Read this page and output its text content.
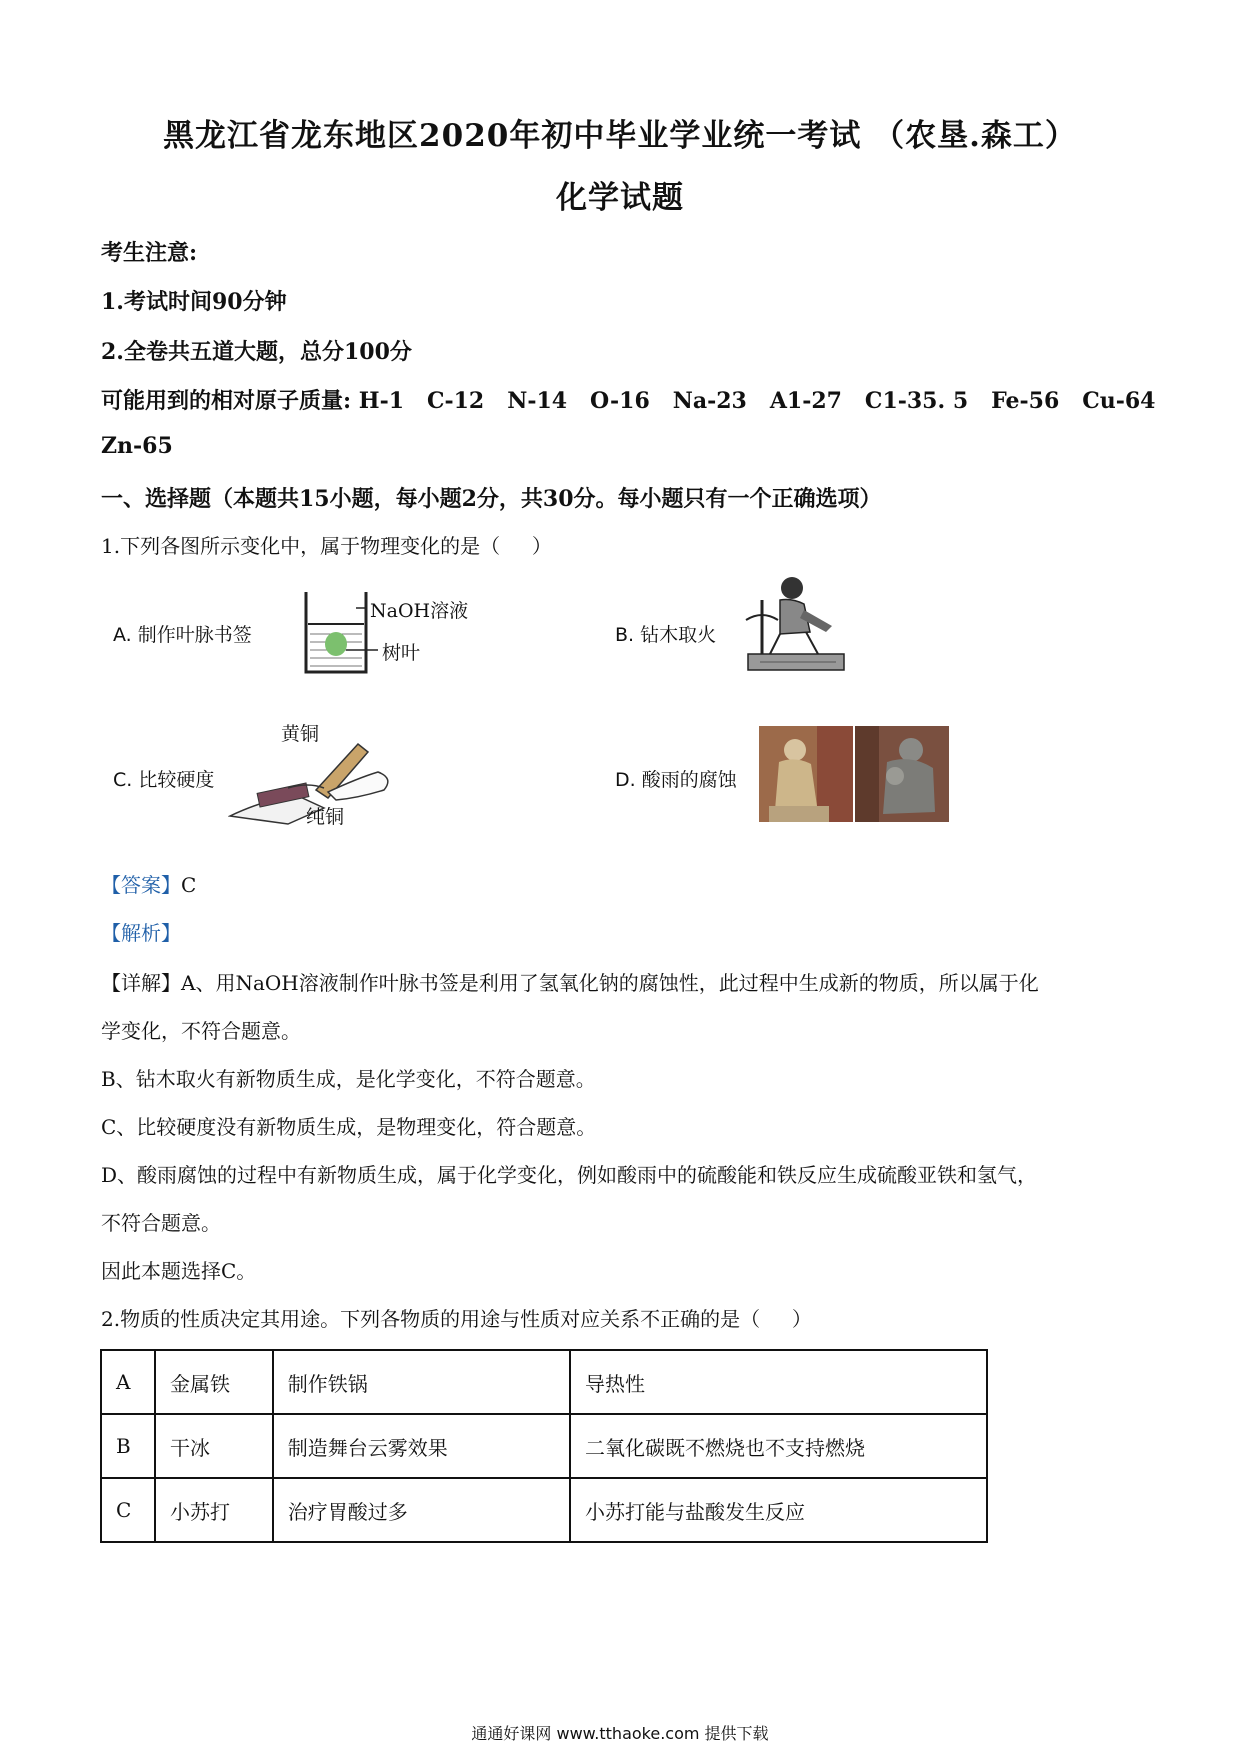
黑龙江省龙东地区2020年初中毕业学业统一考试 （农垦.森工）
化学试题
考生注意:
1.考试时间90分钟
2.全卷共五道大题，总分100分
可能用到的相对原子质量: H-1   C-12   N-14   O-16   Na-23   A1-27   C1-35. 5   Fe-56   Cu-64
Zn-65
一、选择题（本题共15小题，每小题2分，共30分。每小题只有一个正确选项）
1.下列各图所示变化中，属于物理变化的是（     ）
A. 制作叶脉书签
NaOH溶液
树叶
B. 钻木取火
C. 比较硬度
黄铜
纯铜
D. 酸雨的腐蚀
【答案】C
【解析】
【详解】A、用NaOH溶液制作叶脉书签是利用了氢氧化钠的腐蚀性，此过程中生成新的物质，所以属于化
学变化，不符合题意。
B、钻木取火有新物质生成，是化学变化，不符合题意。
C、比较硬度没有新物质生成，是物理变化，符合题意。
D、酸雨腐蚀的过程中有新物质生成，属于化学变化，例如酸雨中的硫酸能和铁反应生成硫酸亚铁和氢气，
不符合题意。
因此本题选择C。
2.物质的性质决定其用途。下列各物质的用途与性质对应关系不正确的是（     ）
A	金属铁	制作铁锅	导热性
B	干冰	制造舞台云雾效果	二氧化碳既不燃烧也不支持燃烧
C	小苏打	治疗胃酸过多	小苏打能与盐酸发生反应
通通好课网 www.tthaoke.com 提供下载
